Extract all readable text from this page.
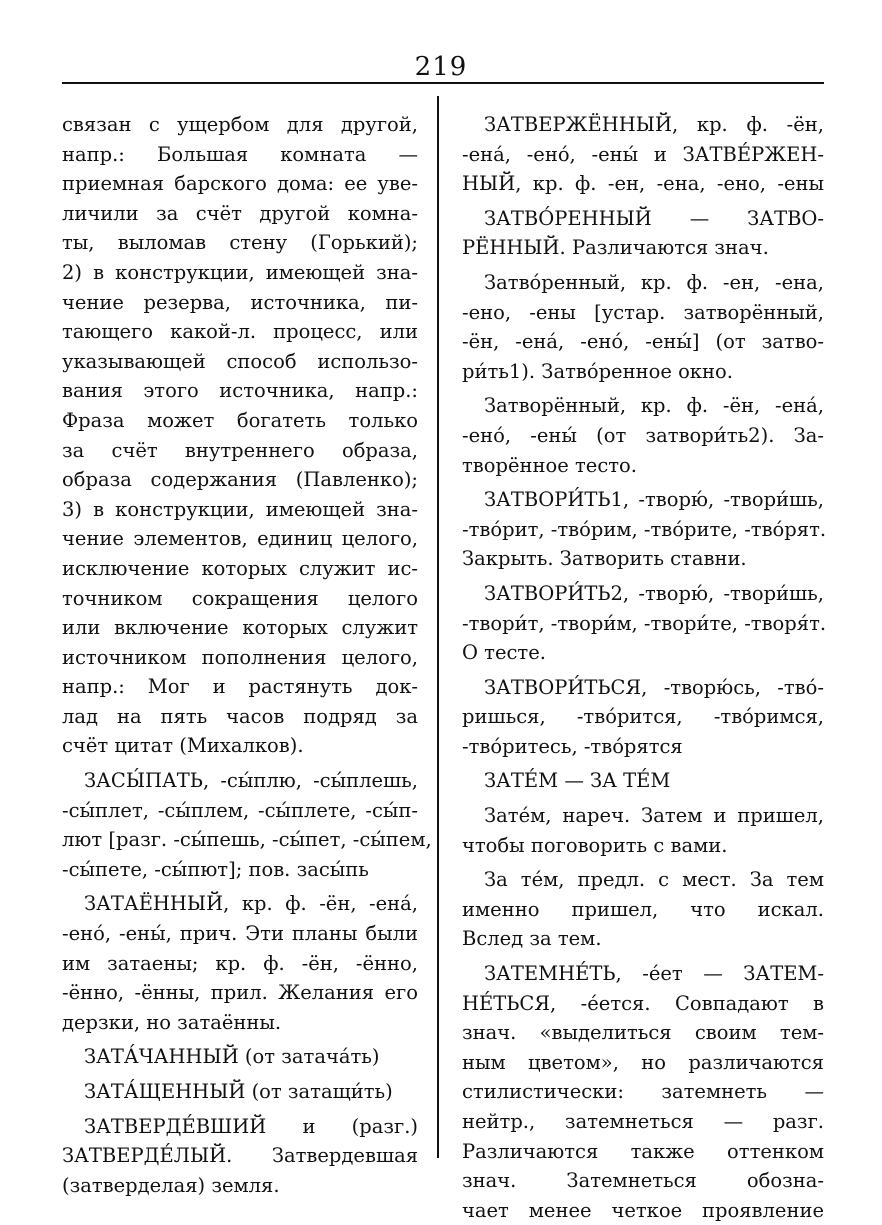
219
связан с ущербом для другой,
напр.: Большая комната —
приемная барского дома: ее уве-
личили за счёт другой комна-
ты, выломав стену (Горький);
2) в конструкции, имеющей зна-
чение резерва, источника, пи-
тающего какой-л. процесс, или
указывающей способ использо-
вания этого источника, напр.:
Фраза может богатеть только
за счёт внутреннего образа,
образа содержания (Павленко);
3) в конструкции, имеющей зна-
чение элементов, единиц целого,
исключение которых служит ис-
точником сокращения целого
или включение которых служит
источником пополнения целого,
напр.: Мог и растянуть док-
лад на пять часов подряд за
счёт цитат (Михалков).
ЗАСЫ́ПАТЬ, -сы́плю, -сы́плешь,
-сы́плет, -сы́плем, -сы́плете, -сы́п-
лют [разг. -сы́пешь, -сы́пет, -сы́пем,
-сы́пете, -сы́пют]; пов. засы́пь
ЗАТАЁННЫЙ, кр. ф. -ён, -ена́,
-ено́, -ены́, прич. Эти планы были
им затаены; кр. ф. -ён, -ённо,
-ённо, -ённы, прил. Желания его
дерзки, но затаённы.
ЗАТА́ЧАННЫЙ (от затача́ть)
ЗАТА́ЩЕННЫЙ (от затащи́ть)
ЗАТВЕРДЕ́ВШИЙ и (разг.)
ЗАТВЕРДЕ́ЛЫЙ. Затвердевшая
(затверделая) земля.
ЗАТВЕРЖЁННЫЙ, кр. ф. -ён,
-ена́, -ено́, -ены́ и ЗАТВЕ́РЖЕН-
НЫЙ, кр. ф. -ен, -ена, -ено, -ены
ЗАТВО́РЕННЫЙ — ЗАТВО-
РЁННЫЙ. Различаются знач.
Затво́ренный, кр. ф. -ен, -ена,
-ено, -ены [устар. затворённый,
-ён, -ена́, -ено́, -ены́] (от затво-
ри́ть1). Затво́ренное окно.
Затворённый, кр. ф. -ён, -ена́,
-ено́, -ены́ (от затвори́ть2). За-
творённое тесто.
ЗАТВОРИ́ТЬ1, -творю́, -твори́шь,
-тво́рит, -тво́рим, -тво́рите, -тво́рят.
Закрыть. Затворить ставни.
ЗАТВОРИ́ТЬ2, -творю́, -твори́шь,
-твори́т, -твори́м, -твори́те, -творя́т.
О тесте.
ЗАТВОРИ́ТЬСЯ, -творю́сь, -тво́-
ришься, -тво́рится, -тво́римся,
-тво́ритесь, -тво́рятся
ЗАТЕ́М — ЗА ТЕ́М
Зате́м, нареч. Затем и пришел,
чтобы поговорить с вами.
За те́м, предл. с мест. За тем
именно пришел, что искал.
Вслед за тем.
ЗАТЕМНЕ́ТЬ, -е́ет — ЗАТЕМ-
НЕ́ТЬСЯ, -е́ется. Совпадают в
знач. «выделиться своим тем-
ным цветом», но различаются
стилистически: затемнеть —
нейтр., затемнеться — разг.
Различаются также оттенком
знач. Затемнеться обозна-
чает менее четкое проявление
